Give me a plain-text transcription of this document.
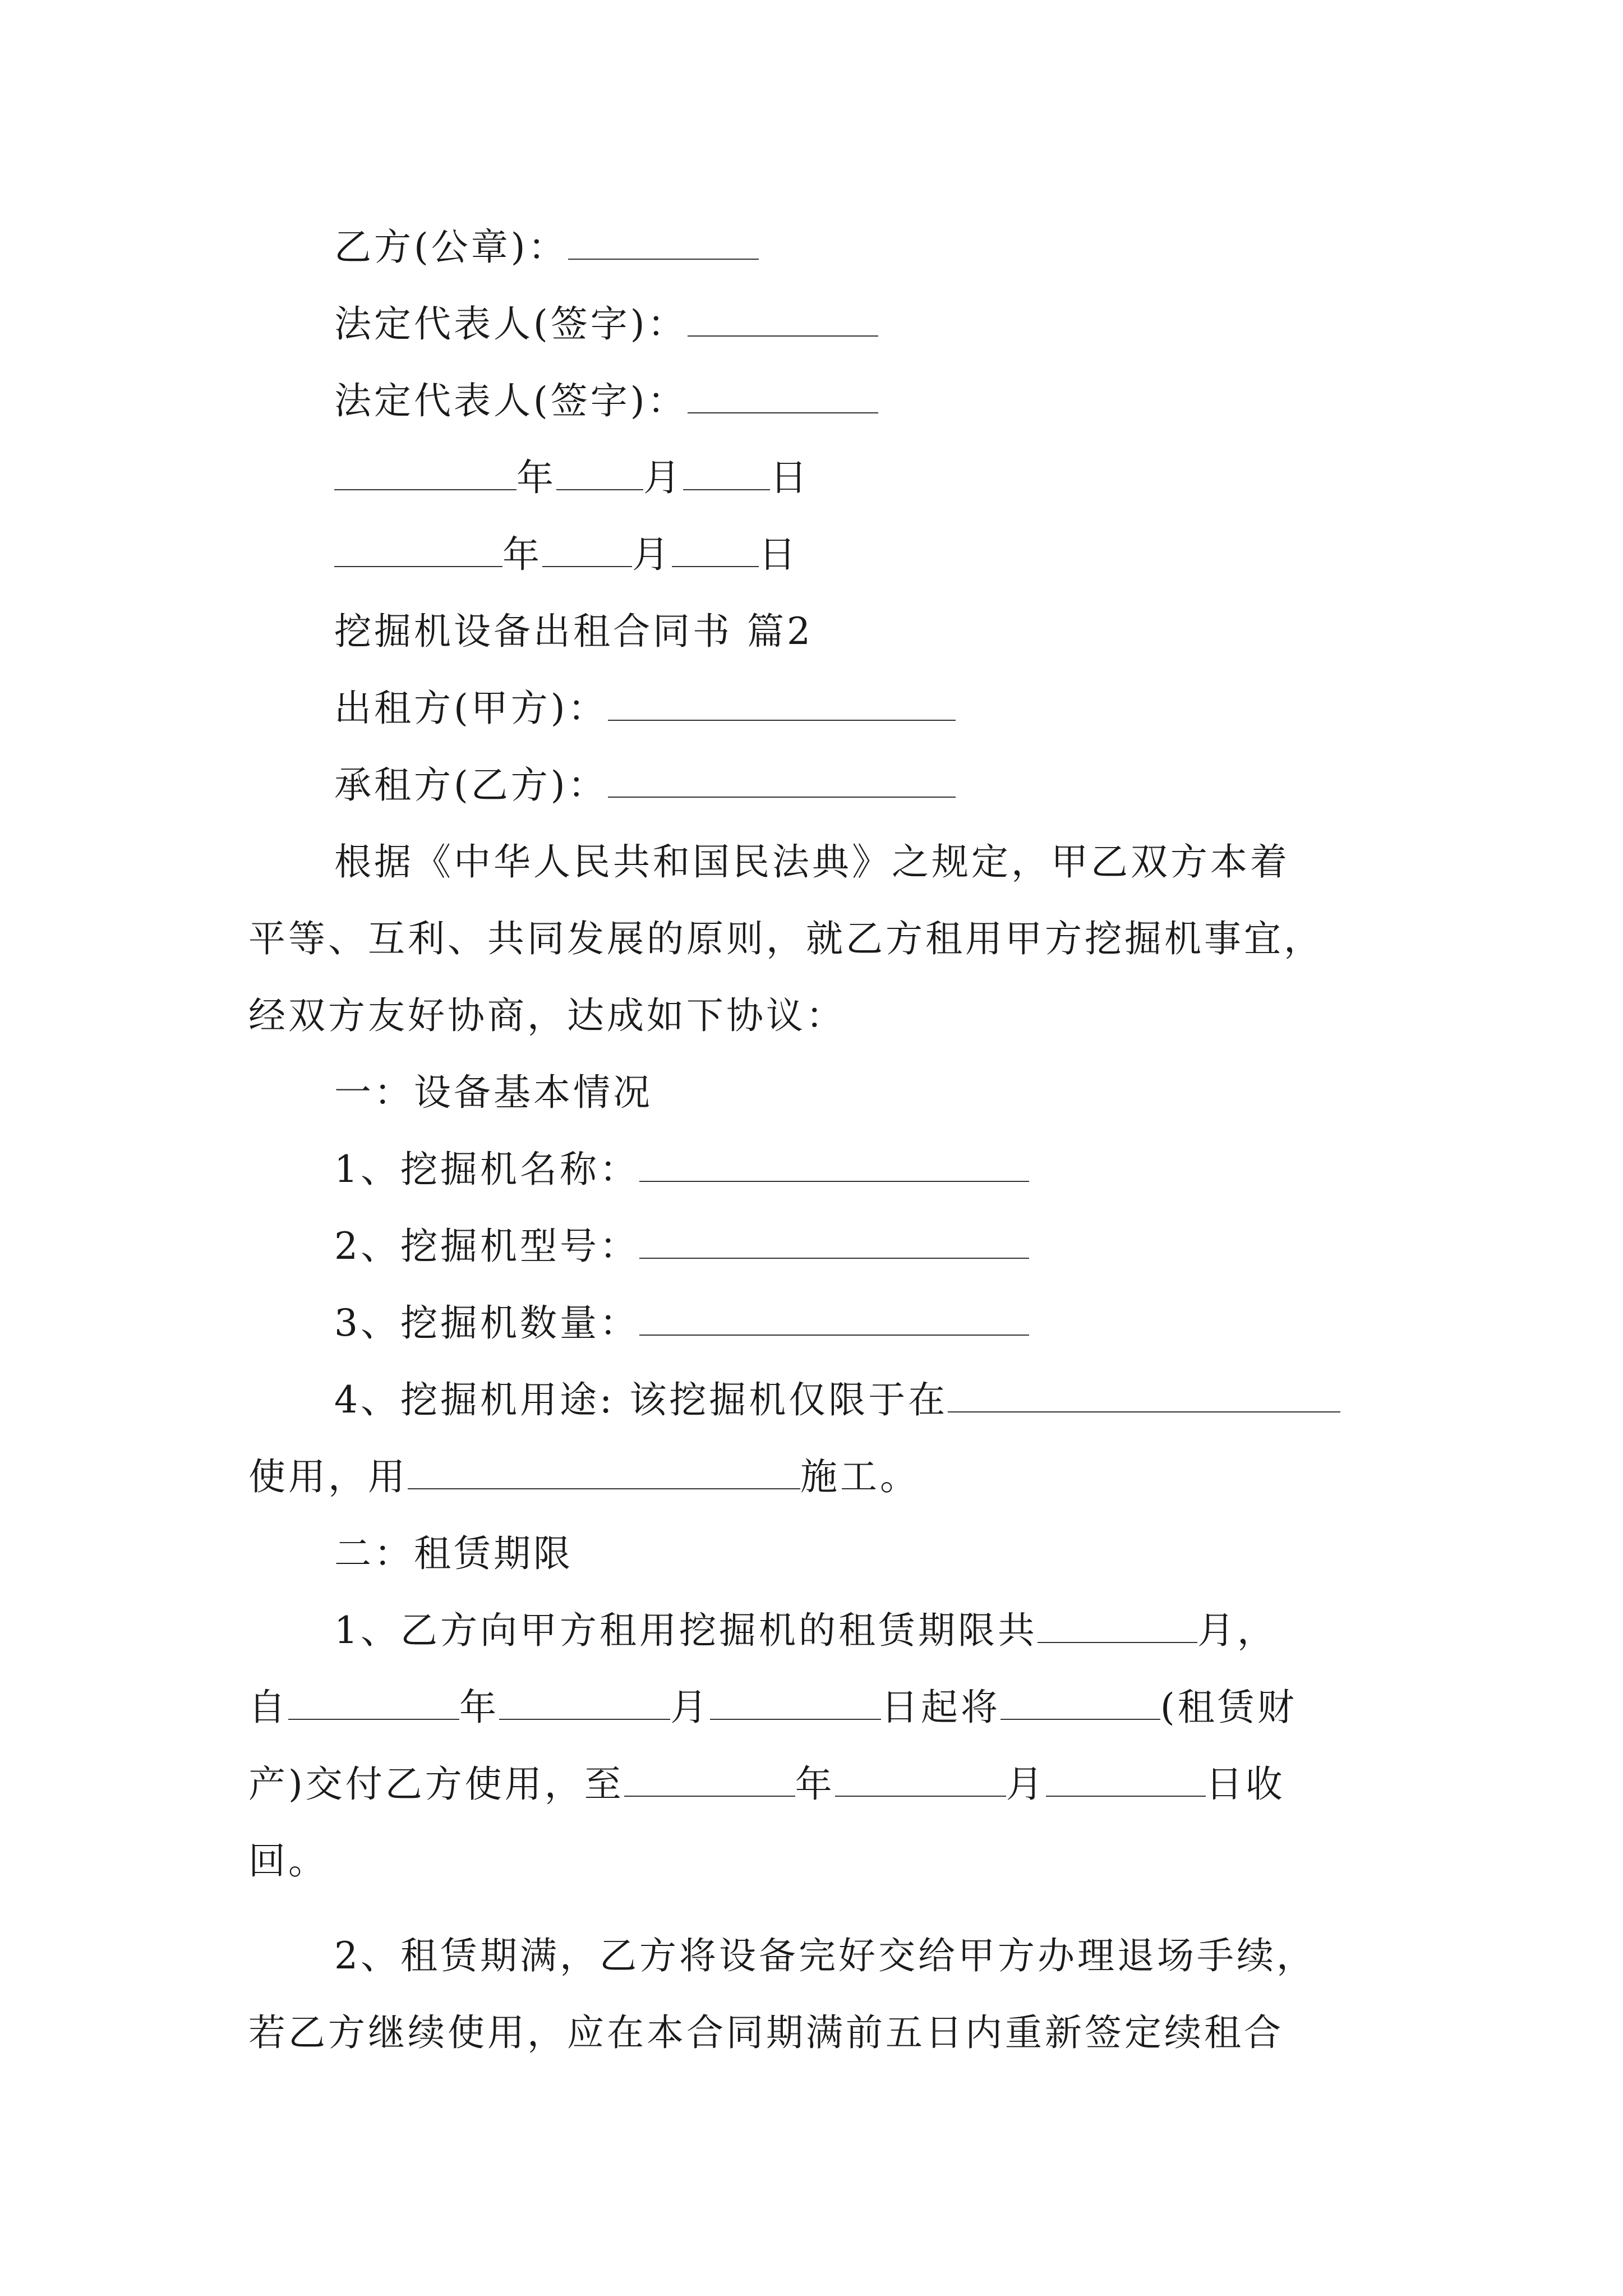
乙方(公章)：
法定代表人(签字)：
法定代表人(签字)：
年 月 日
年 月 日
挖掘机设备出租合同书 篇2
出租方(甲方)：
承租方(乙方)：
根据《中华人民共和国民法典》之规定，甲乙双方本着
平等、互利、共同发展的原则，就乙方租用甲方挖掘机事宜，
经双方友好协商，达成如下协议：
一：设备基本情况
1、挖掘机名称：
2、挖掘机型号：
3、挖掘机数量：
4、挖掘机用途: 该挖掘机仅限于在
使用，用	施工。
二：租赁期限
1、乙方向甲方租用挖掘机的租赁期限共	月，
自	年	月	日起将	(租赁财
产)交付乙方使用，至	年	月	日收
回。
2、租赁期满，乙方将设备完好交给甲方办理退场手续，
若乙方继续使用，应在本合同期满前五日内重新签定续租合
